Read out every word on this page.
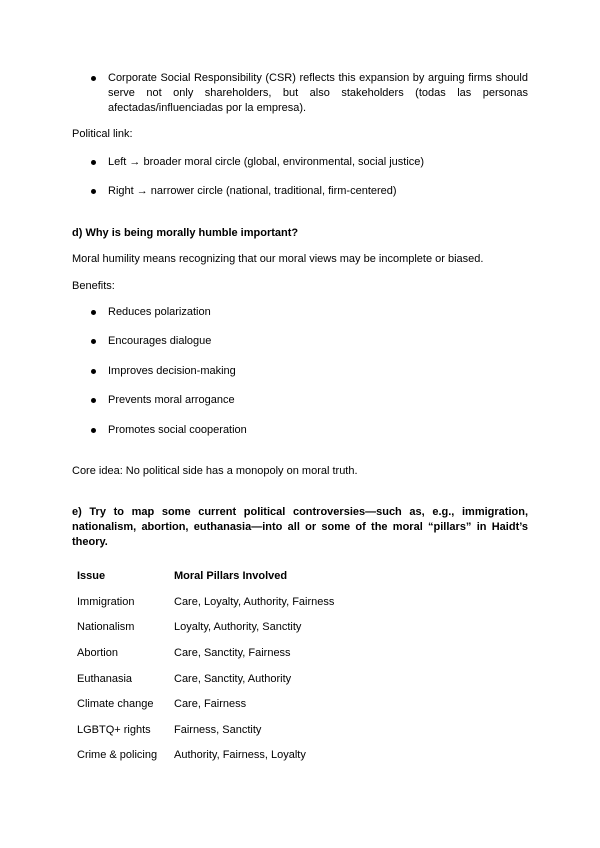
Corporate Social Responsibility (CSR) reflects this expansion by arguing firms should serve not only shareholders, but also stakeholders (todas las personas afectadas/influenciadas por la empresa).
Political link:
Left → broader moral circle (global, environmental, social justice)
Right → narrower circle (national, traditional, firm-centered)
d) Why is being morally humble important?
Moral humility means recognizing that our moral views may be incomplete or biased.
Benefits:
Reduces polarization
Encourages dialogue
Improves decision-making
Prevents moral arrogance
Promotes social cooperation
Core idea: No political side has a monopoly on moral truth.
e) Try to map some current political controversies—such as, e.g., immigration, nationalism, abortion, euthanasia—into all or some of the moral “pillars” in Haidt’s theory.
Issue	Moral Pillars Involved
Immigration	Care, Loyalty, Authority, Fairness
Nationalism	Loyalty, Authority, Sanctity
Abortion	Care, Sanctity, Fairness
Euthanasia	Care, Sanctity, Authority
Climate change	Care, Fairness
LGBTQ+ rights	Fairness, Sanctity
Crime & policing	Authority, Fairness, Loyalty
